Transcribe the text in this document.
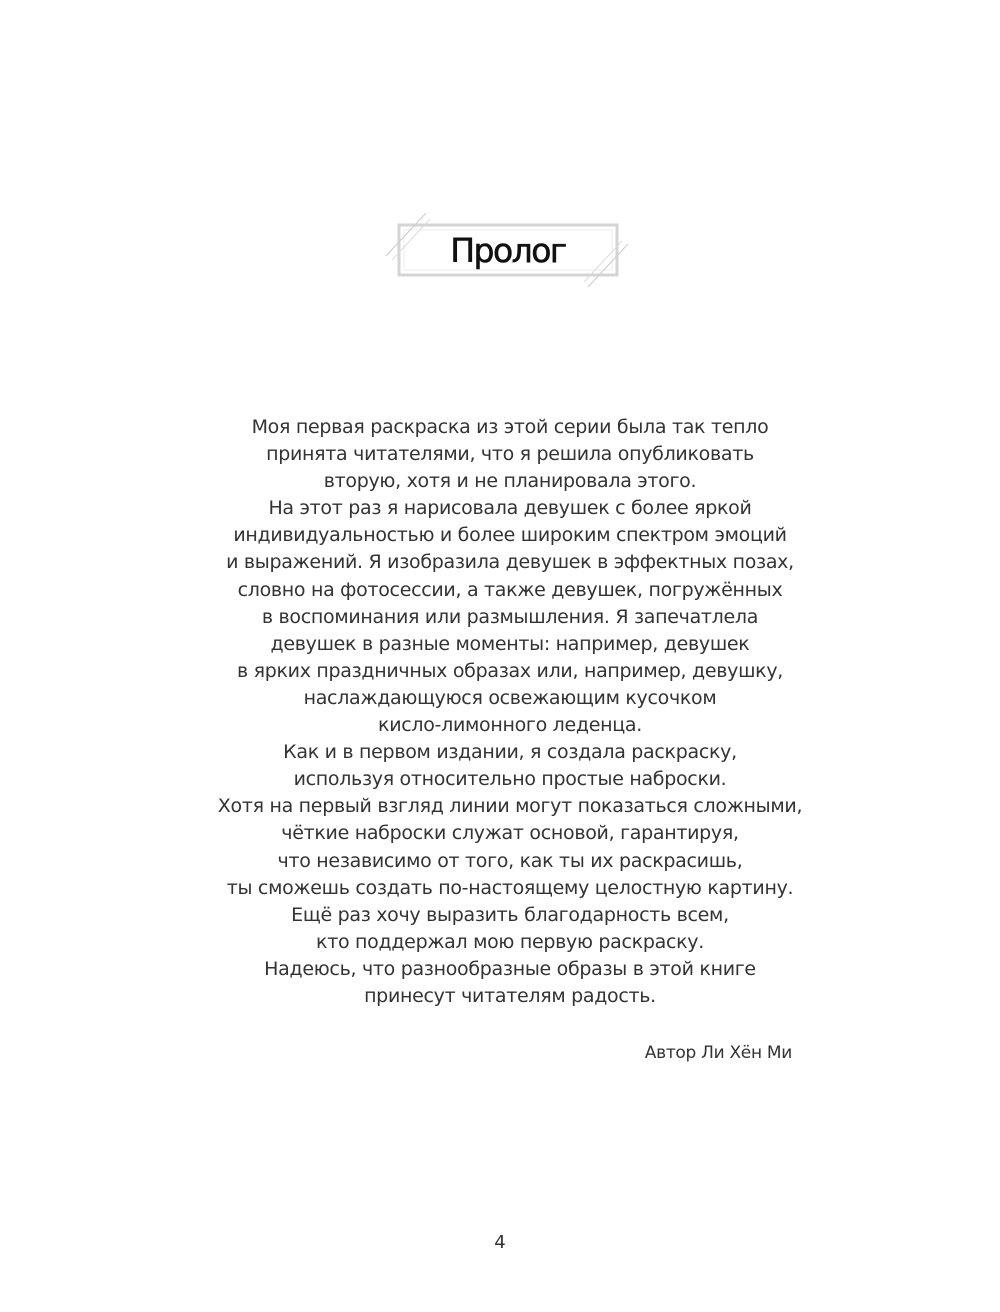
Пролог
Моя первая раскраска из этой серии была так тепло
принята читателями, что я решила опубликовать
вторую, хотя и не планировала этого.
На этот раз я нарисовала девушек с более яркой
индивидуальностью и более широким спектром эмоций
и выражений. Я изобразила девушек в эффектных позах,
словно на фотосессии, а также девушек, погружённых
в воспоминания или размышления. Я запечатлела
девушек в разные моменты: например, девушек
в ярких праздничных образах или, например, девушку,
наслаждающуюся освежающим кусочком
кисло-лимонного леденца.
Как и в первом издании, я создала раскраску,
используя относительно простые наброски.
Хотя на первый взгляд линии могут показаться сложными,
чёткие наброски служат основой, гарантируя,
что независимо от того, как ты их раскрасишь,
ты сможешь создать по-настоящему целостную картину.
Ещё раз хочу выразить благодарность всем,
кто поддержал мою первую раскраску.
Надеюсь, что разнообразные образы в этой книге
принесут читателям радость.
Автор Ли Хён Ми
4
